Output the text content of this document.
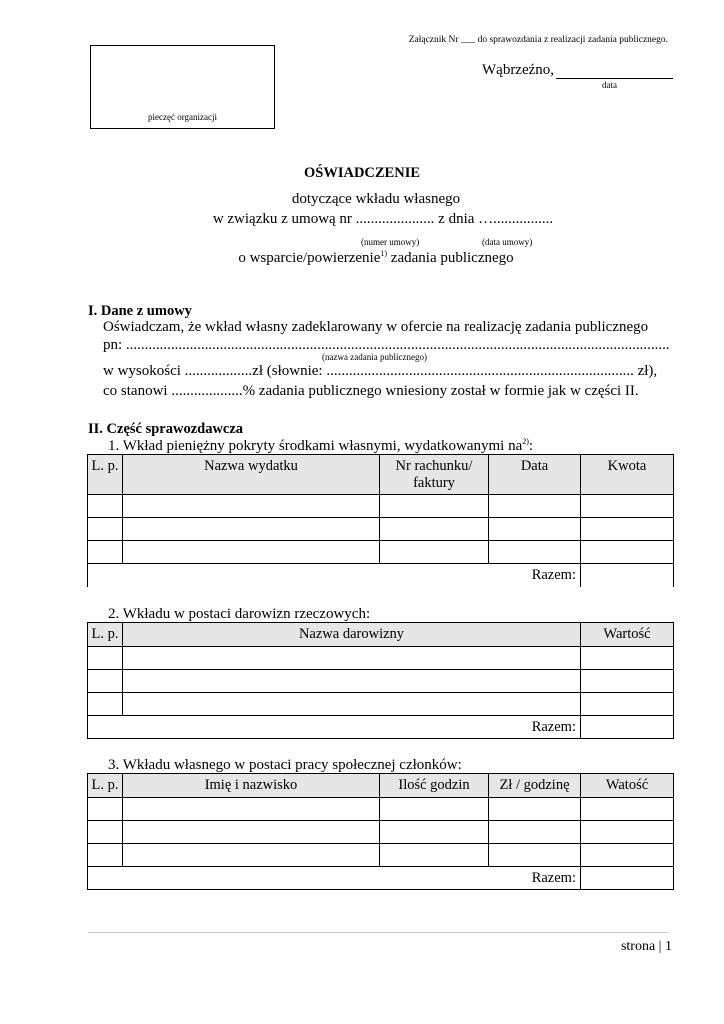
Załącznik Nr ___ do sprawozdania z realizacji zadania publicznego.
pieczęć organizacji
Wąbrzeźno,
data
OŚWIADCZENIE
dotyczące wkładu własnego
w związku z umową nr ..................... z dnia …................
(numer umowy)	(data umowy)
o wsparcie/powierzenie$^{1)}$ zadania publicznego
I. Dane z umowy
Oświadczam, że wkład własny zadeklarowany w ofercie na realizację zadania publicznego
pn: .................................................................................................................................................
(nazwa zadania publicznego)
w wysokości ..................zł (słownie: .................................................................................. zł),
co stanowi ...................% zadania publicznego wniesiony został w formie jak w części II.
II. Część sprawozdawcza
1. Wkład pieniężny pokryty środkami własnymi, wydatkowanymi $na^{2)}$:
L. p.	Nazwa wydatku	Nr rachunku/ faktury	Data	Kwota

Razem:				
2. Wkładu w postaci darowizn rzeczowych:
L. p.	Nazwa darowizny	Wartość

Razem:		
3. Wkładu własnego w postaci pracy społecznej członków:
L. p.	Imię i nazwisko	Ilość godzin	Zł / godzinę	Watość

Razem:				
strona | 1
